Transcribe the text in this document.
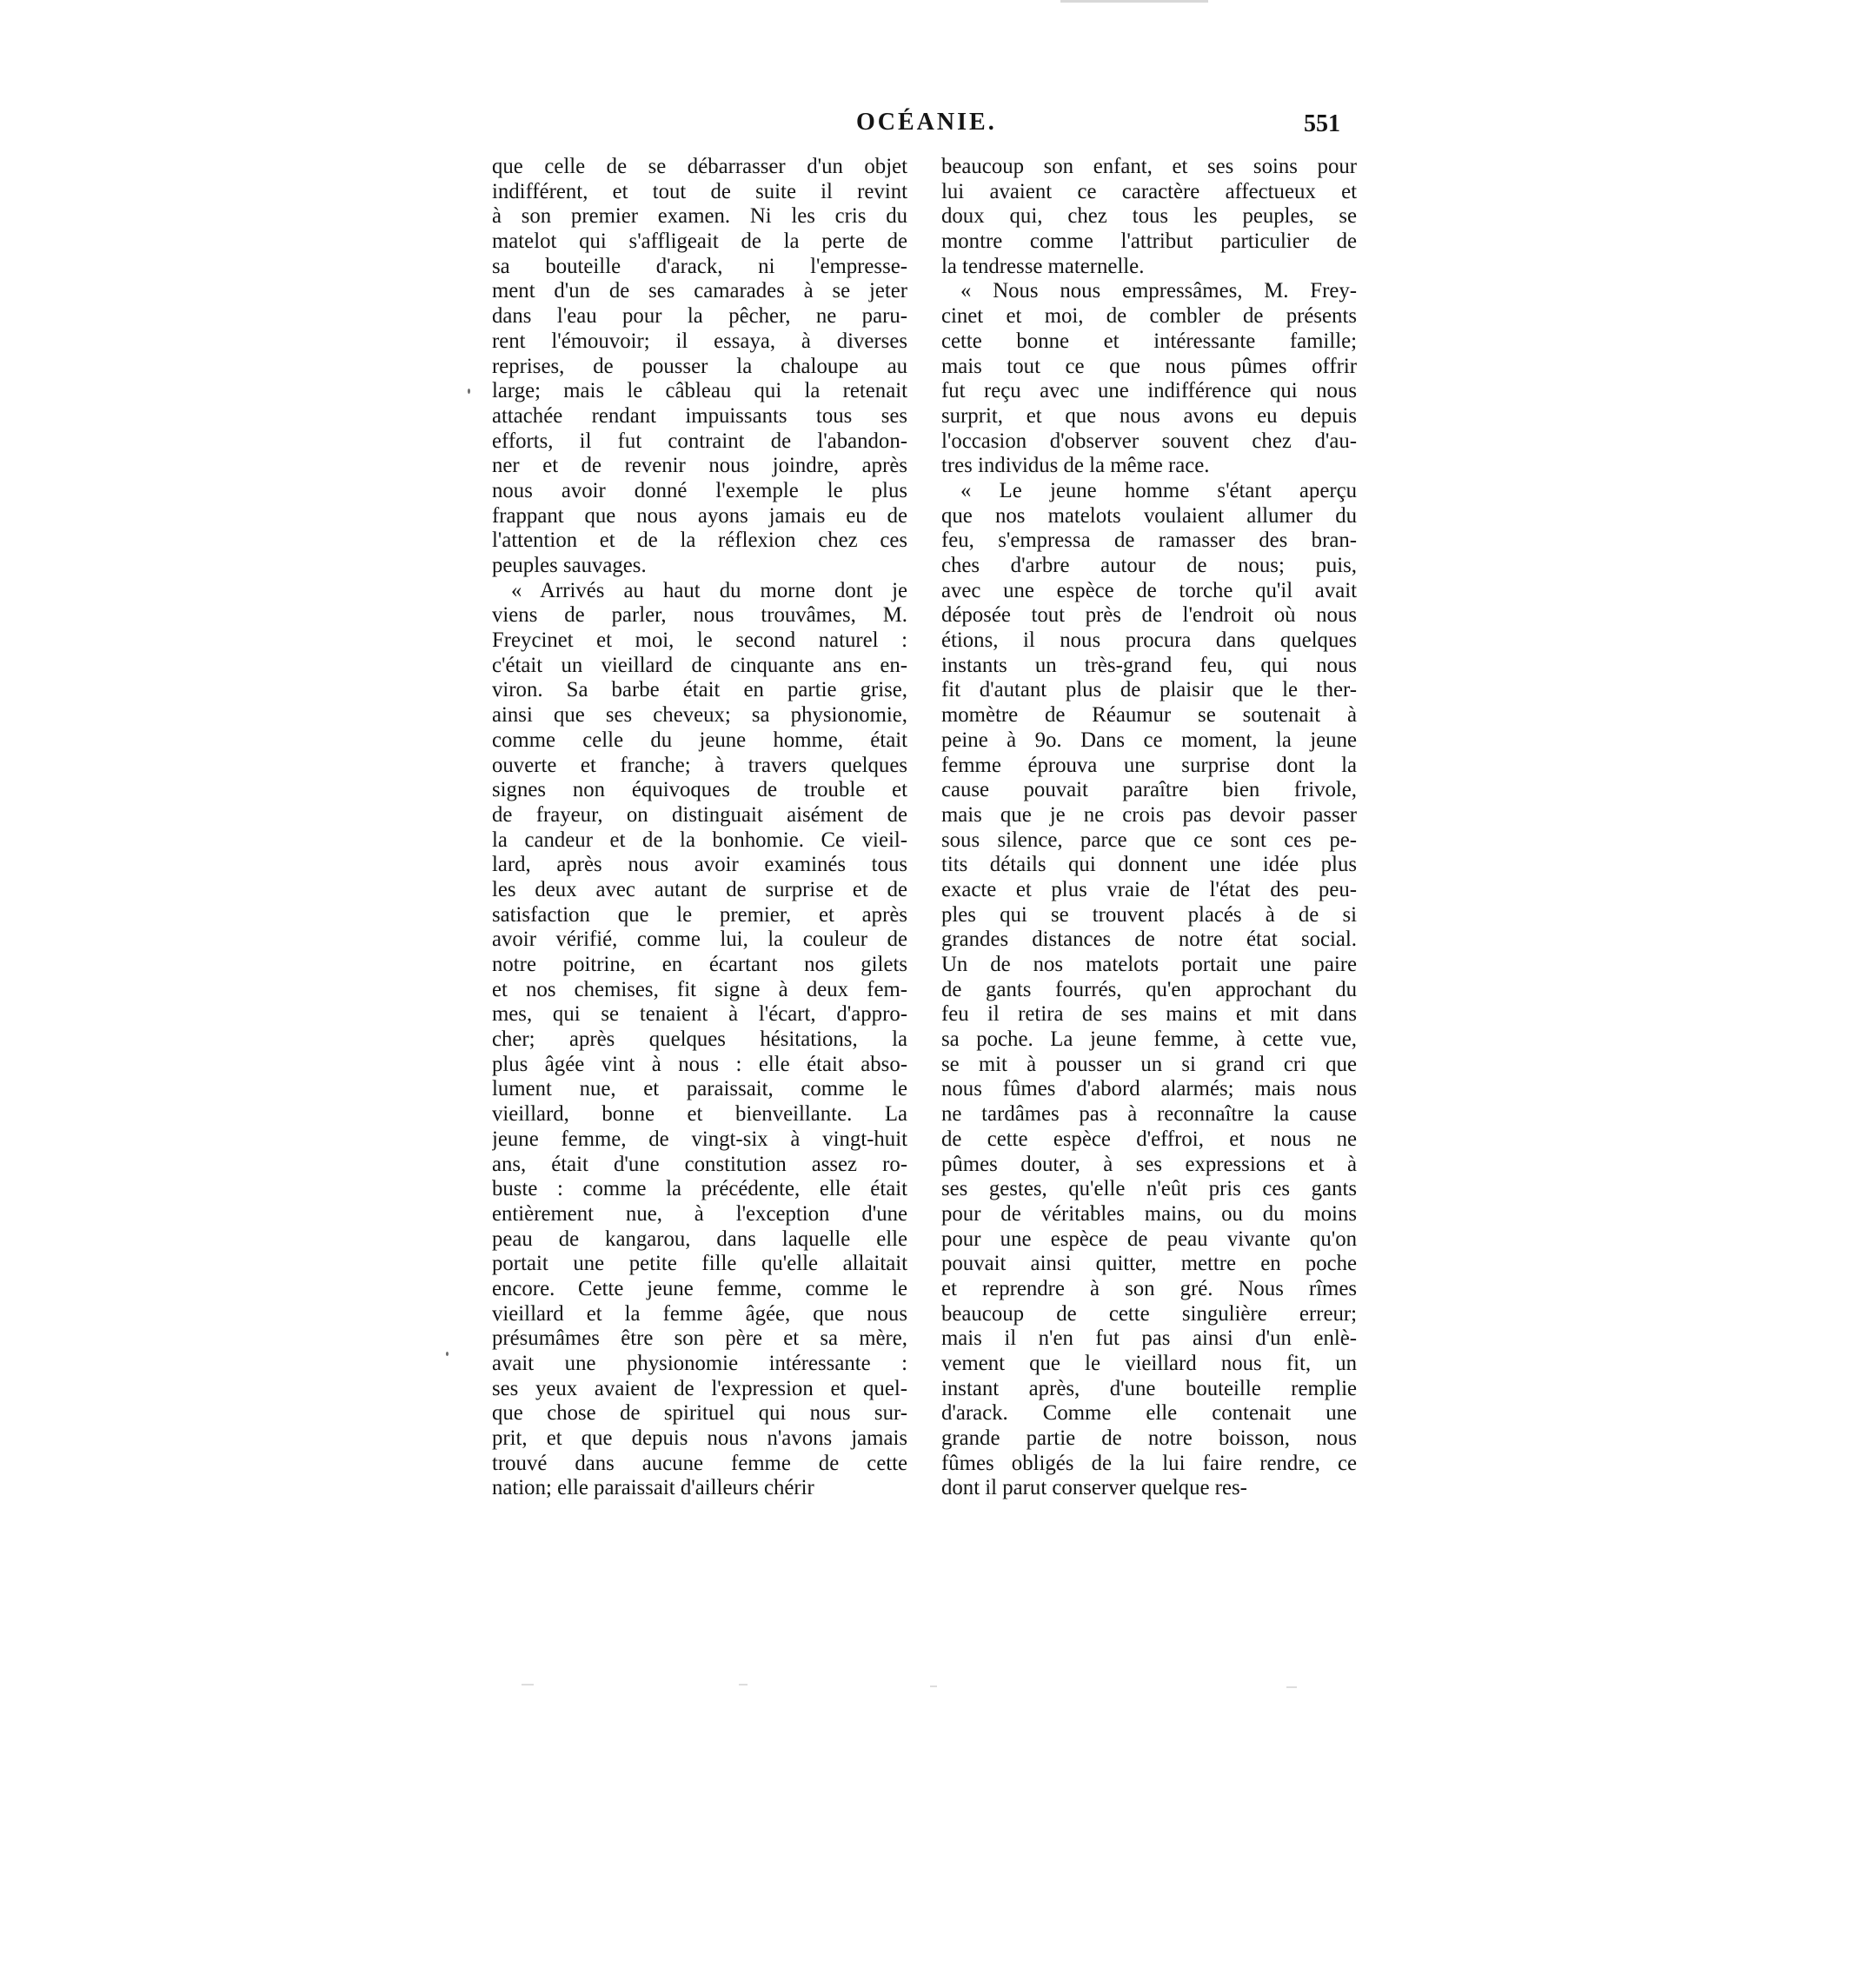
OCÉANIE.	551
que celle de se débarrasser d'un objet
indifférent, et tout de suite il revint
à son premier examen. Ni les cris du
matelot qui s'affligeait de la perte de
sa bouteille d'arack, ni l'empresse-
ment d'un de ses camarades à se jeter
dans l'eau pour la pêcher, ne paru-
rent l'émouvoir; il essaya, à diverses
reprises, de pousser la chaloupe au
large; mais le câbleau qui la retenait
attachée rendant impuissants tous ses
efforts, il fut contraint de l'abandon-
ner et de revenir nous joindre, après
nous avoir donné l'exemple le plus
frappant que nous ayons jamais eu de
l'attention et de la réflexion chez ces
peuples sauvages.
« Arrivés au haut du morne dont je
viens de parler, nous trouvâmes, M.
Freycinet et moi, le second naturel :
c'était un vieillard de cinquante ans en-
viron. Sa barbe était en partie grise,
ainsi que ses cheveux; sa physionomie,
comme celle du jeune homme, était
ouverte et franche; à travers quelques
signes non équivoques de trouble et
de frayeur, on distinguait aisément de
la candeur et de la bonhomie. Ce vieil-
lard, après nous avoir examinés tous
les deux avec autant de surprise et de
satisfaction que le premier, et après
avoir vérifié, comme lui, la couleur de
notre poitrine, en écartant nos gilets
et nos chemises, fit signe à deux fem-
mes, qui se tenaient à l'écart, d'appro-
cher; après quelques hésitations, la
plus âgée vint à nous : elle était abso-
lument nue, et paraissait, comme le
vieillard, bonne et bienveillante. La
jeune femme, de vingt-six à vingt-huit
ans, était d'une constitution assez ro-
buste : comme la précédente, elle était
entièrement nue, à l'exception d'une
peau de kangarou, dans laquelle elle
portait une petite fille qu'elle allaitait
encore. Cette jeune femme, comme le
vieillard et la femme âgée, que nous
présumâmes être son père et sa mère,
avait une physionomie intéressante :
ses yeux avaient de l'expression et quel-
que chose de spirituel qui nous sur-
prit, et que depuis nous n'avons jamais
trouvé dans aucune femme de cette
nation; elle paraissait d'ailleurs chérir
beaucoup son enfant, et ses soins pour
lui avaient ce caractère affectueux et
doux qui, chez tous les peuples, se
montre comme l'attribut particulier de
la tendresse maternelle.
« Nous nous empressâmes, M. Frey-
cinet et moi, de combler de présents
cette bonne et intéressante famille;
mais tout ce que nous pûmes offrir
fut reçu avec une indifférence qui nous
surprit, et que nous avons eu depuis
l'occasion d'observer souvent chez d'au-
tres individus de la même race.
« Le jeune homme s'étant aperçu
que nos matelots voulaient allumer du
feu, s'empressa de ramasser des bran-
ches d'arbre autour de nous; puis,
avec une espèce de torche qu'il avait
déposée tout près de l'endroit où nous
étions, il nous procura dans quelques
instants un très-grand feu, qui nous
fit d'autant plus de plaisir que le ther-
momètre de Réaumur se soutenait à
peine à 9o. Dans ce moment, la jeune
femme éprouva une surprise dont la
cause pouvait paraître bien frivole,
mais que je ne crois pas devoir passer
sous silence, parce que ce sont ces pe-
tits détails qui donnent une idée plus
exacte et plus vraie de l'état des peu-
ples qui se trouvent placés à de si
grandes distances de notre état social.
Un de nos matelots portait une paire
de gants fourrés, qu'en approchant du
feu il retira de ses mains et mit dans
sa poche. La jeune femme, à cette vue,
se mit à pousser un si grand cri que
nous fûmes d'abord alarmés; mais nous
ne tardâmes pas à reconnaître la cause
de cette espèce d'effroi, et nous ne
pûmes douter, à ses expressions et à
ses gestes, qu'elle n'eût pris ces gants
pour de véritables mains, ou du moins
pour une espèce de peau vivante qu'on
pouvait ainsi quitter, mettre en poche
et reprendre à son gré. Nous rîmes
beaucoup de cette singulière erreur;
mais il n'en fut pas ainsi d'un enlè-
vement que le vieillard nous fit, un
instant après, d'une bouteille remplie
d'arack. Comme elle contenait une
grande partie de notre boisson, nous
fûmes obligés de la lui faire rendre, ce
dont il parut conserver quelque res-
